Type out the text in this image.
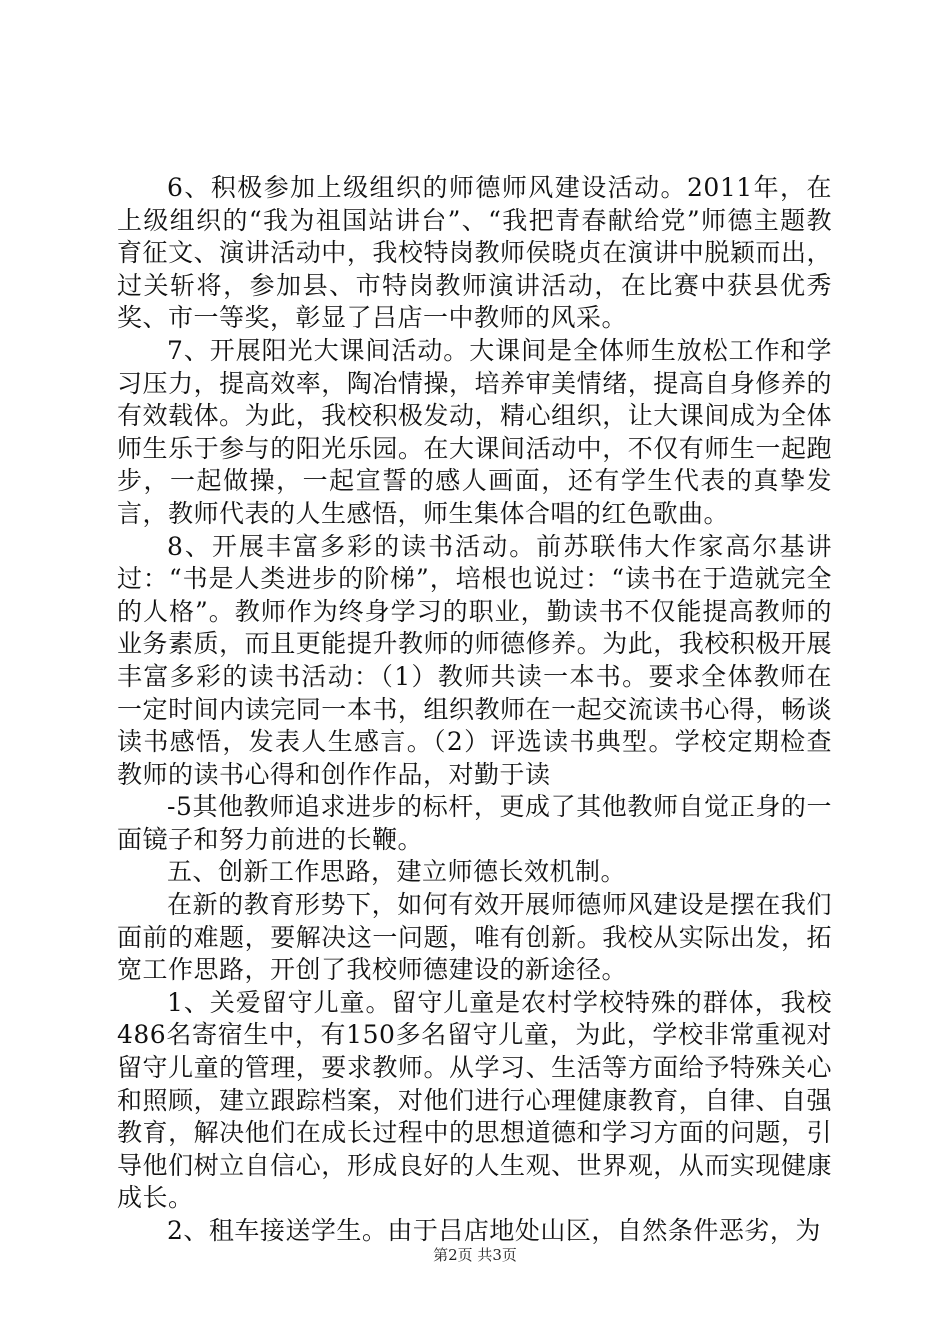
6、积极参加上级组织的师德师风建设活动。2011年，在上级组织的“我为祖国站讲台”、“我把青春献给党”师德主题教育征文、演讲活动中，我校特岗教师侯晓贞在演讲中脱颖而出，过关斩将，参加县、市特岗教师演讲活动，在比赛中获县优秀奖、市一等奖，彰显了吕店一中教师的风采。

7、开展阳光大课间活动。大课间是全体师生放松工作和学习压力，提高效率，陶冶情操，培养审美情绪，提高自身修养的有效载体。为此，我校积极发动，精心组织，让大课间成为全体师生乐于参与的阳光乐园。在大课间活动中，不仅有师生一起跑步，一起做操，一起宣誓的感人画面，还有学生代表的真挚发言，教师代表的人生感悟，师生集体合唱的红色歌曲。

8、开展丰富多彩的读书活动。前苏联伟大作家高尔基讲过：“书是人类进步的阶梯”，培根也说过：“读书在于造就完全的人格”。教师作为终身学习的职业，勤读书不仅能提高教师的业务素质，而且更能提升教师的师德修养。为此，我校积极开展丰富多彩的读书活动：（1）教师共读一本书。要求全体教师在一定时间内读完同一本书，组织教师在一起交流读书心得，畅谈读书感悟，发表人生感言。（2）评选读书典型。学校定期检查教师的读书心得和创作作品，对勤于读

-5其他教师追求进步的标杆，更成了其他教师自觉正身的一面镜子和努力前进的长鞭。

五、创新工作思路，建立师德长效机制。

在新的教育形势下，如何有效开展师德师风建设是摆在我们面前的难题，要解决这一问题，唯有创新。我校从实际出发，拓宽工作思路，开创了我校师德建设的新途径。

1、关爱留守儿童。留守儿童是农村学校特殊的群体，我校486名寄宿生中，有150多名留守儿童，为此，学校非常重视对留守儿童的管理，要求教师。从学习、生活等方面给予特殊关心和照顾，建立跟踪档案，对他们进行心理健康教育，自律、自强教育，解决他们在成长过程中的思想道德和学习方面的问题，引导他们树立自信心，形成良好的人生观、世界观，从而实现健康成长。

2、租车接送学生。由于吕店地处山区，自然条件恶劣，为

第2页 共3页
